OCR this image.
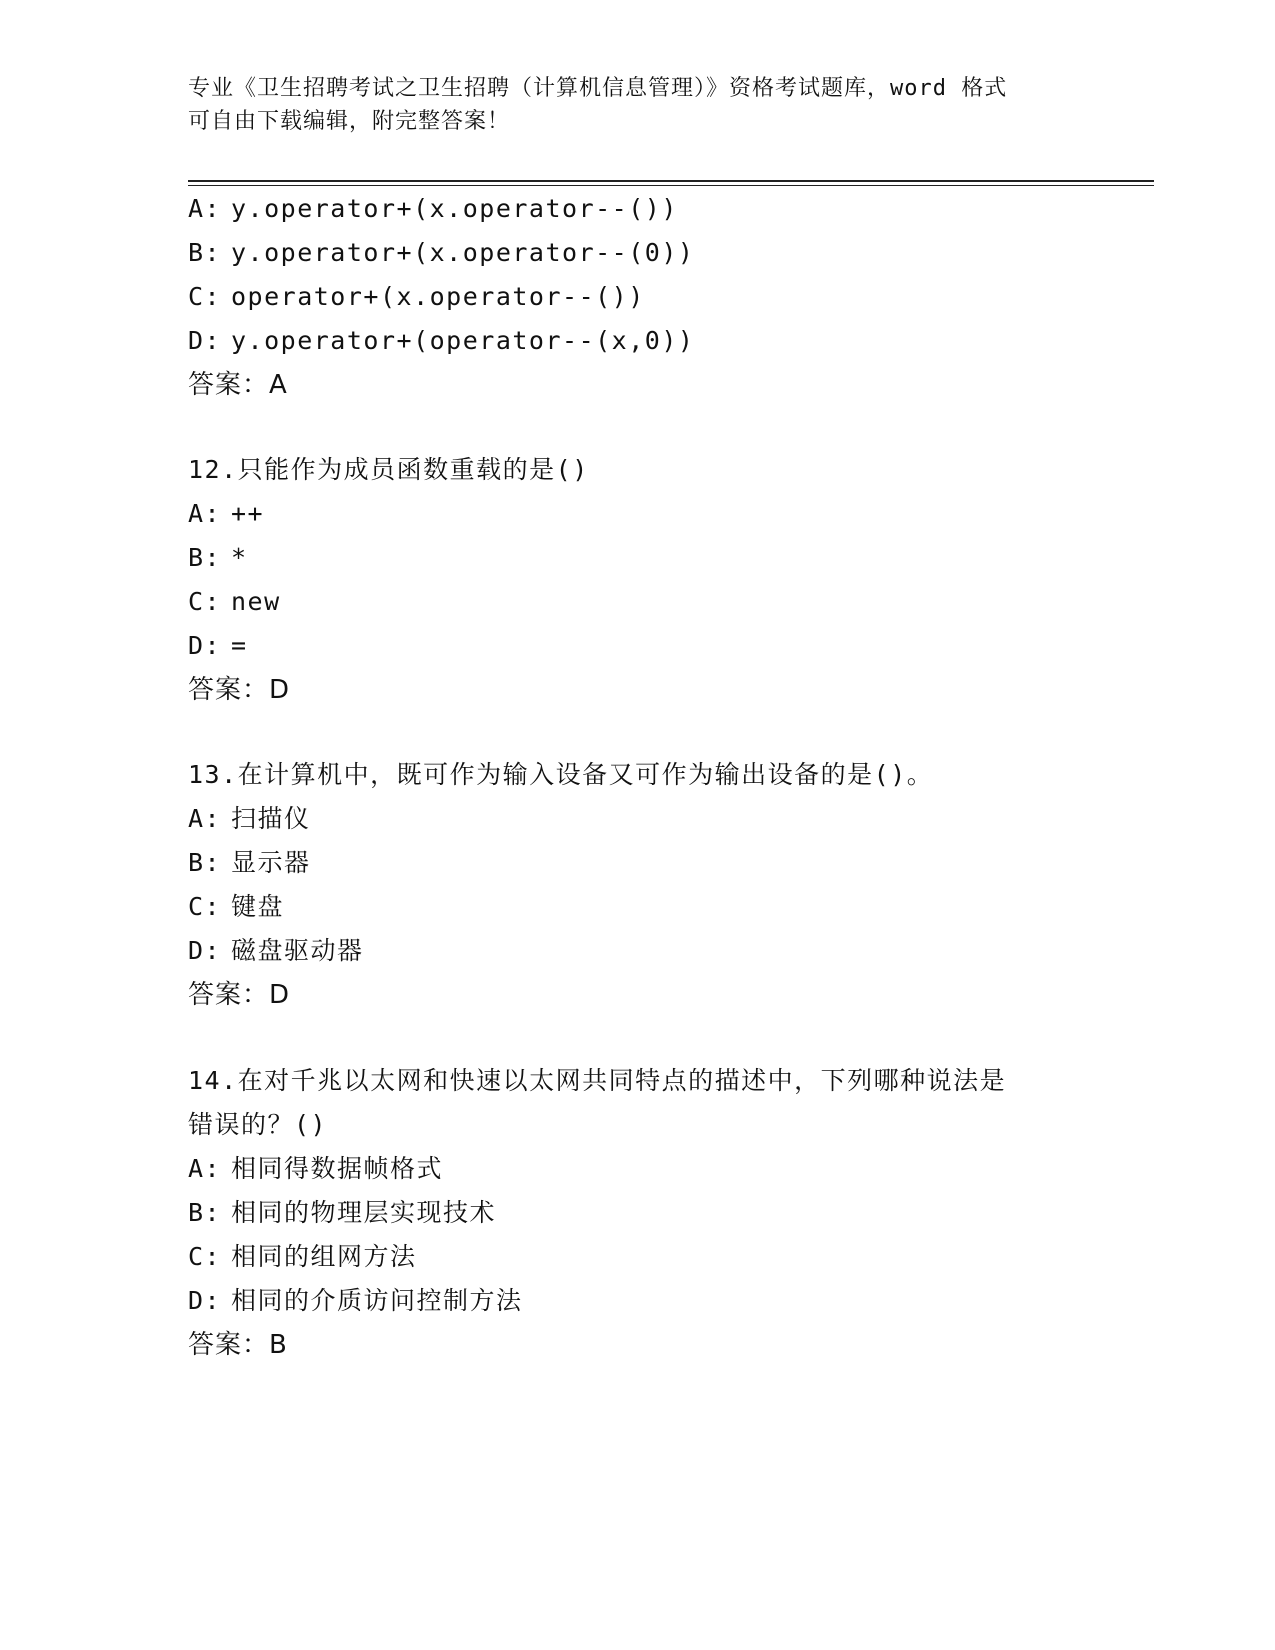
专业《卫生招聘考试之卫生招聘（计算机信息管理）》资格考试题库，word 格式
可自由下载编辑，附完整答案！
A: y.operator+(x.operator--())
B: y.operator+(x.operator--(0))
C: operator+(x.operator--())
D: y.operator+(operator--(x,0))
答案：A
12.只能作为成员函数重载的是()
A: ++
B: *
C: new
D: =
答案：D
13.在计算机中，既可作为输入设备又可作为输出设备的是()。
A: 扫描仪
B: 显示器
C: 键盘
D: 磁盘驱动器
答案：D
14.在对千兆以太网和快速以太网共同特点的描述中，下列哪种说法是
错误的？()
A: 相同得数据帧格式
B: 相同的物理层实现技术
C: 相同的组网方法
D: 相同的介质访问控制方法
答案：B
